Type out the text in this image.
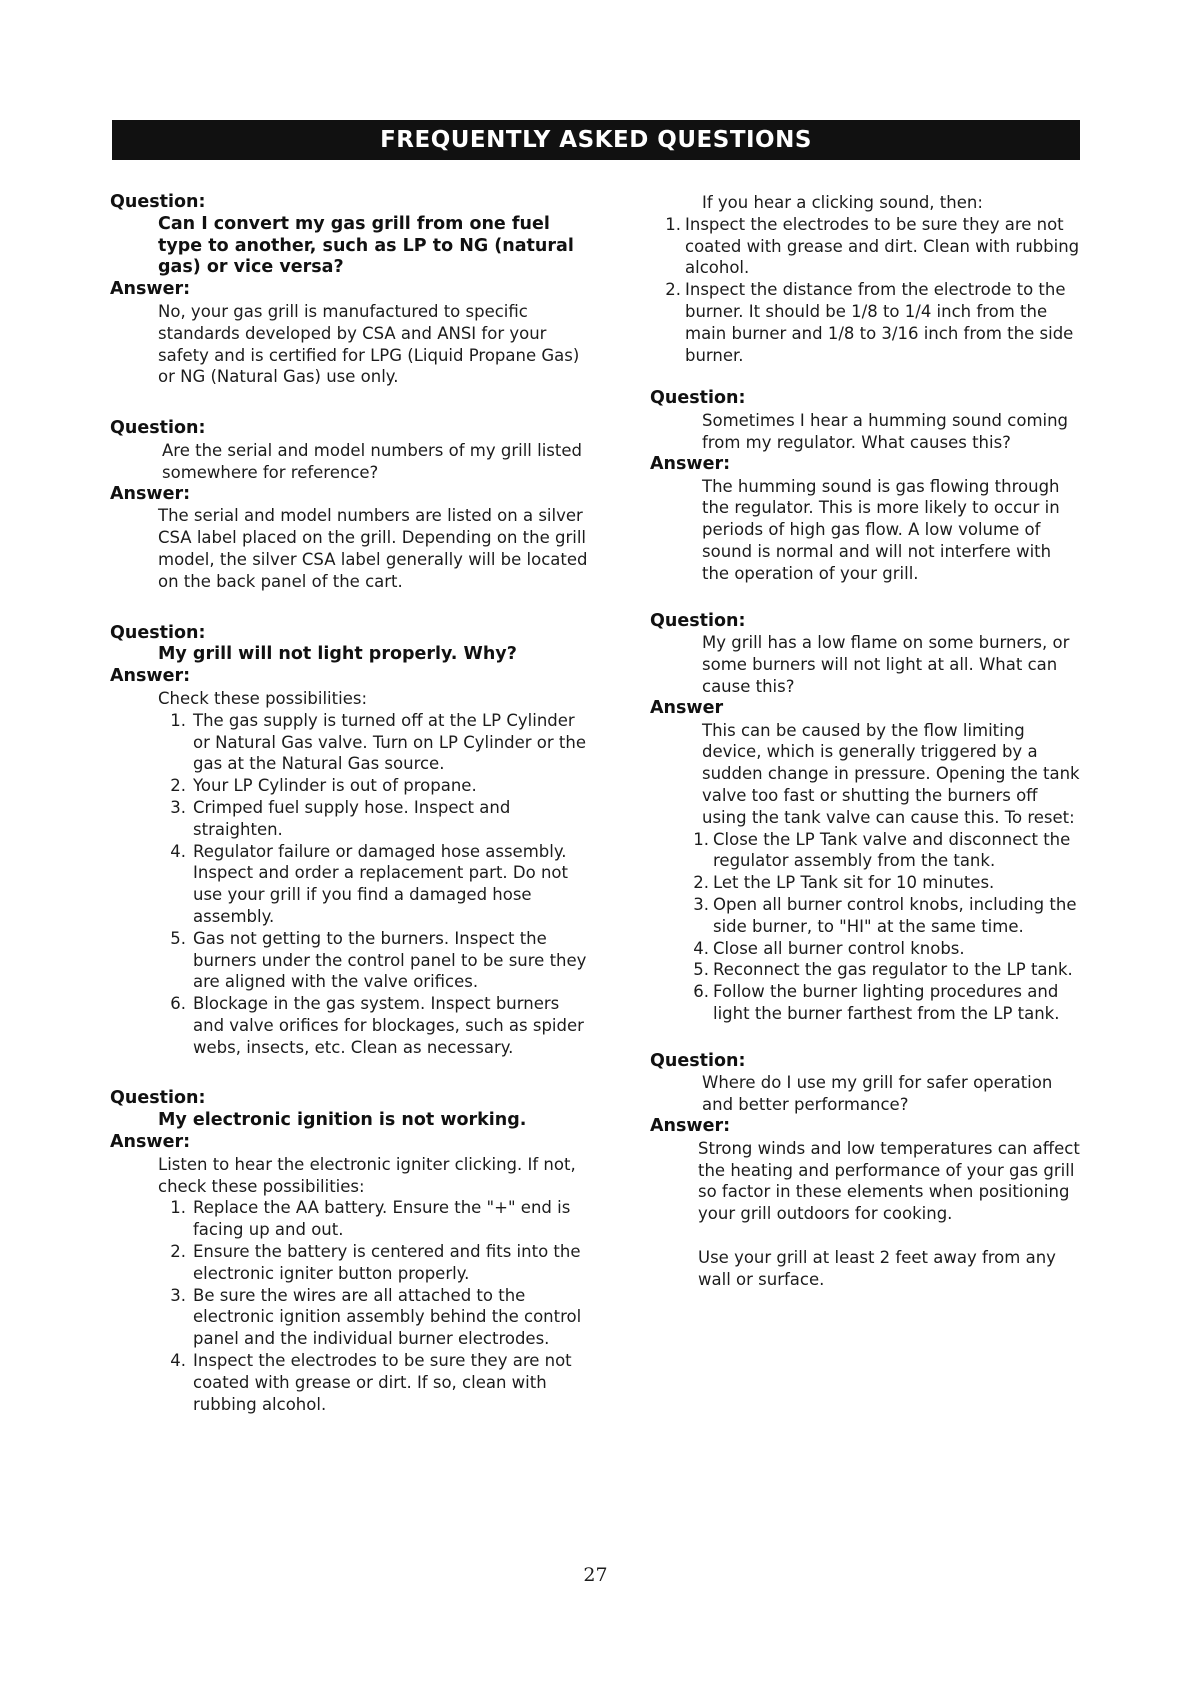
FREQUENTLY ASKED QUESTIONS
Question:
Can I convert my gas grill from one fuel type to another, such as LP to NG (natural gas) or vice versa?
Answer:
No, your gas grill is manufactured to specific standards developed by CSA and ANSI for your safety and is certified for LPG (Liquid Propane Gas) or NG (Natural Gas) use only.
Question:
Are the serial and model numbers of my grill listed somewhere for reference?
Answer:
The serial and model numbers are listed on a silver CSA label placed on the grill. Depending on the grill model, the silver CSA label generally will be located on the back panel of the cart.
Question:
My grill will not light properly. Why?
Answer:
Check these possibilities:
1. The gas supply is turned off at the LP Cylinder or Natural Gas valve. Turn on LP Cylinder or the gas at the Natural Gas source.
2. Your LP Cylinder is out of propane.
3. Crimped fuel supply hose. Inspect and straighten.
4. Regulator failure or damaged hose assembly. Inspect and order a replacement part. Do not use your grill if you find a damaged hose assembly.
5. Gas not getting to the burners. Inspect the burners under the control panel to be sure they are aligned with the valve orifices.
6. Blockage in the gas system. Inspect burners and valve orifices for blockages, such as spider webs, insects, etc. Clean as necessary.
Question:
My electronic ignition is not working.
Answer:
Listen to hear the electronic igniter clicking. If not, check these possibilities:
1. Replace the AA battery. Ensure the "+" end is facing up and out.
2. Ensure the battery is centered and fits into the electronic igniter button properly.
3. Be sure the wires are all attached to the electronic ignition assembly behind the control panel and the individual burner electrodes.
4. Inspect the electrodes to be sure they are not coated with grease or dirt. If so, clean with rubbing alcohol.
If you hear a clicking sound, then:
1. Inspect the electrodes to be sure they are not coated with grease and dirt. Clean with rubbing alcohol.
2. Inspect the distance from the electrode to the burner. It should be 1/8 to 1/4 inch from the main burner and 1/8 to 3/16 inch from the side burner.
Question:
Sometimes I hear a humming sound coming from my regulator. What causes this?
Answer:
The humming sound is gas flowing through the regulator. This is more likely to occur in periods of high gas flow. A low volume of sound is normal and will not interfere with the operation of your grill.
Question:
My grill has a low flame on some burners, or some burners will not light at all. What can cause this?
Answer
This can be caused by the flow limiting device, which is generally triggered by a sudden change in pressure. Opening the tank valve too fast or shutting the burners off using the tank valve can cause this. To reset:
1. Close the LP Tank valve and disconnect the regulator assembly from the tank.
2. Let the LP Tank sit for 10 minutes.
3. Open all burner control knobs, including the side burner, to "HI" at the same time.
4. Close all burner control knobs.
5. Reconnect the gas regulator to the LP tank.
6. Follow the burner lighting procedures and light the burner farthest from the LP tank.
Question:
Where do I use my grill for safer operation and better performance?
Answer:
Strong winds and low temperatures can affect the heating and performance of your gas grill so factor in these elements when positioning your grill outdoors for cooking.
Use your grill at least 2 feet away from any wall or surface.
27
